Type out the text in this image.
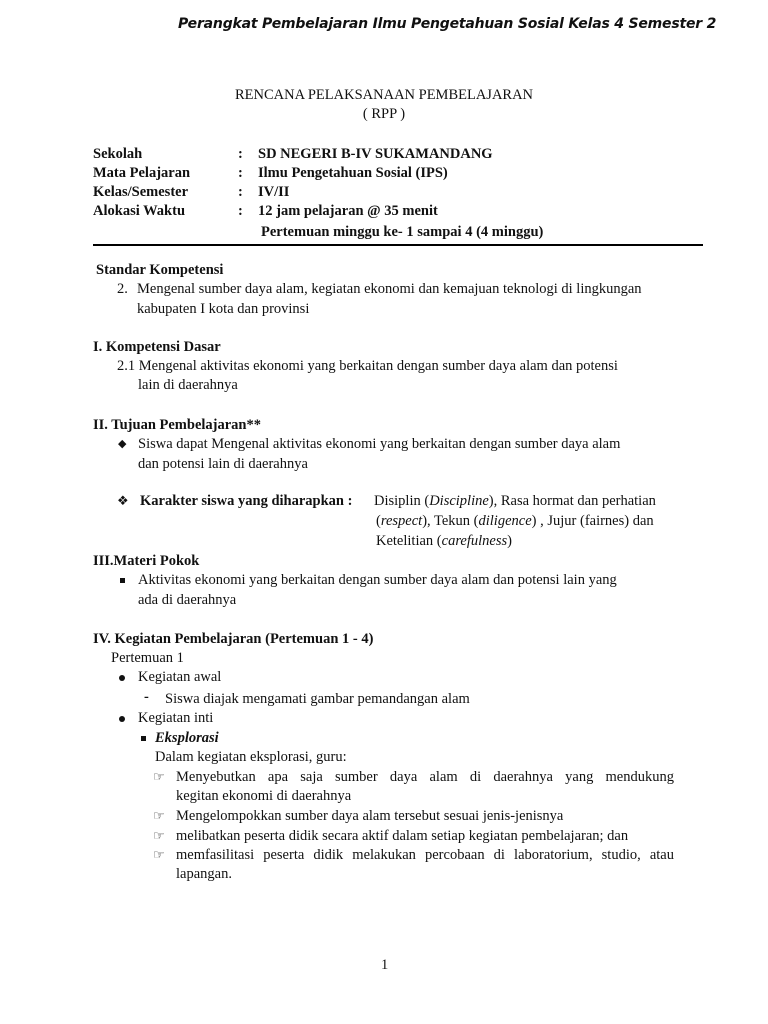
Perangkat Pembelajaran Ilmu Pengetahuan Sosial Kelas 4 Semester 2
RENCANA PELAKSANAAN PEMBELAJARAN
( RPP )
Sekolah	: SD NEGERI B-IV SUKAMANDANG
Mata Pelajaran	: Ilmu Pengetahuan Sosial (IPS)
Kelas/Semester	: IV/II
Alokasi Waktu	: 12 jam pelajaran @ 35 menit
Pertemuan minggu ke- 1 sampai 4 (4 minggu)
Standar Kompetensi
2. Mengenal sumber daya alam, kegiatan ekonomi dan kemajuan teknologi di lingkungan
kabupaten I kota dan provinsi
I. Kompetensi Dasar
2.1 Mengenal aktivitas ekonomi yang berkaitan dengan sumber daya alam dan potensi
lain di daerahnya
II. Tujuan Pembelajaran**
◆ Siswa dapat Mengenal aktivitas ekonomi yang berkaitan dengan sumber daya alam
dan potensi lain di daerahnya
❖ Karakter siswa yang diharapkan : Disiplin (Discipline), Rasa hormat dan perhatian
(respect), Tekun (diligence) , Jujur (fairnes) dan
Ketelitian (carefulness)
III.Materi Pokok
Aktivitas ekonomi yang berkaitan dengan sumber daya alam dan potensi lain yang
ada di daerahnya
IV. Kegiatan Pembelajaran (Pertemuan 1 - 4)
Pertemuan 1
Kegiatan awal
- Siswa diajak mengamati gambar pemandangan alam
Kegiatan inti
Eksplorasi
Dalam kegiatan eksplorasi, guru:
☞ Menyebutkan apa saja sumber daya alam di daerahnya yang mendukung
kegitan ekonomi di daerahnya
☞ Mengelompokkan sumber daya alam tersebut sesuai jenis-jenisnya
☞ melibatkan peserta didik secara aktif dalam setiap kegiatan pembelajaran; dan
☞ memfasilitasi peserta didik melakukan percobaan di laboratorium, studio, atau
lapangan.
1
